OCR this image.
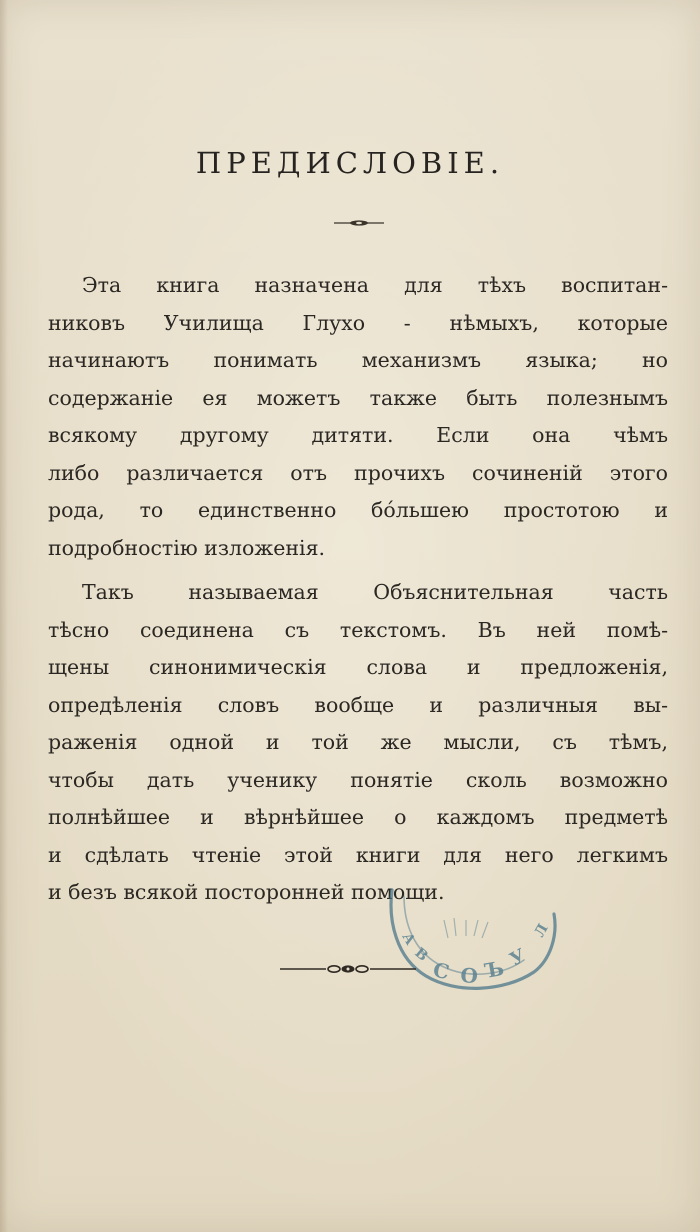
ПРЕДИСЛОВІЕ.
Эта книга назначена для тѣхъ воспитан-
никовъ Училища Глухо - нѣмыхъ, которые
начинаютъ понимать механизмъ языка; но
содержаніе ея можетъ также быть полезнымъ
всякому другому дитяти. Если она чѣмъ
либо различается отъ прочихъ сочиненій этого
рода, то единственно бóльшею простотою и
подробностію изложенія.
Такъ называемая Объяснительная часть
тѣсно соединена съ текстомъ. Въ ней помѣ-
щены синонимическія слова и предложенія,
опредѣленія словъ вообще и различныя вы-
раженія одной и той же мысли, съ тѣмъ,
чтобы дать ученику понятіе сколь возможно
полнѣйшее и вѣрнѣйшее о каждомъ предметѣ
и сдѣлать чтеніе этой книги для него легкимъ
и безъ всякой посторонней помощи.
С О Ъ У
А
В
Л
